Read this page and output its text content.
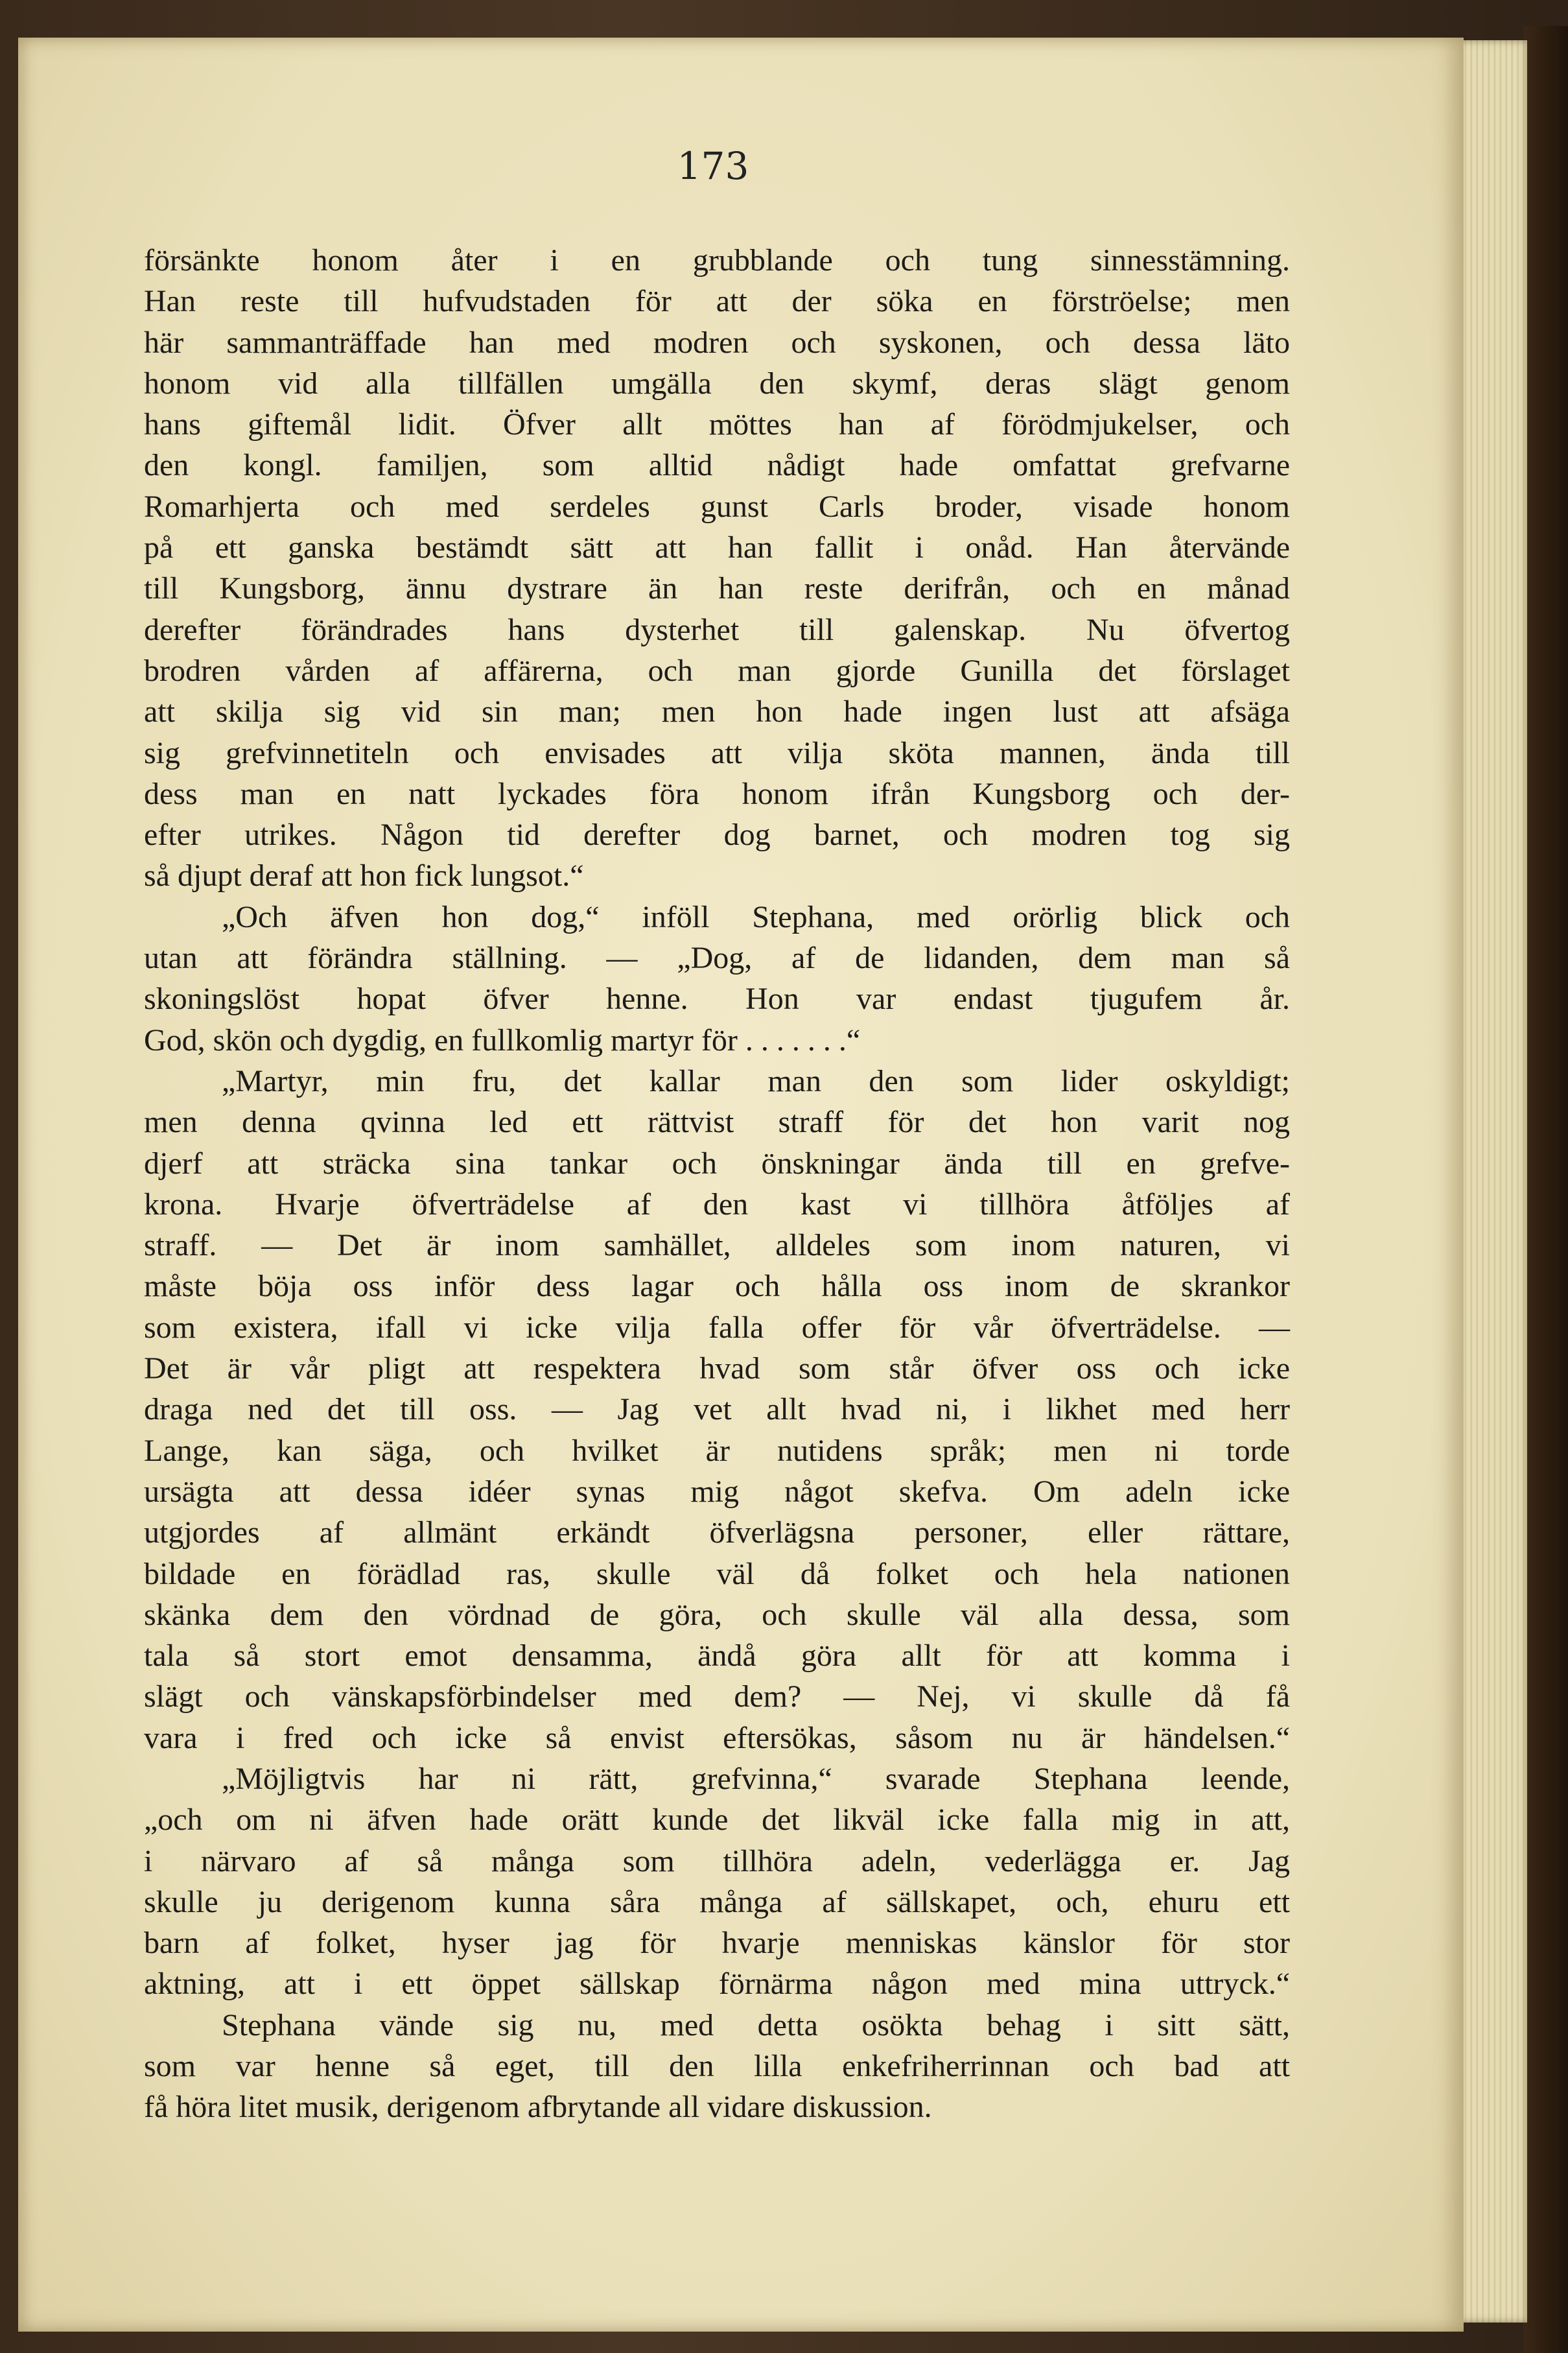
173
försänkte honom åter i en grubblande och tung sinnesstämning.
Han reste till hufvudstaden för att der söka en förströelse; men
här sammanträffade han med modren och syskonen, och dessa läto
honom vid alla tillfällen umgälla den skymf, deras slägt genom
hans giftemål lidit. Öfver allt möttes han af förödmjukelser, och
den kongl. familjen, som alltid nådigt hade omfattat grefvarne
Romarhjerta och med serdeles gunst Carls broder, visade honom
på ett ganska bestämdt sätt att han fallit i onåd. Han återvände
till Kungsborg, ännu dystrare än han reste derifrån, och en månad
derefter förändrades hans dysterhet till galenskap. Nu öfvertog
brodren vården af affärerna, och man gjorde Gunilla det förslaget
att skilja sig vid sin man; men hon hade ingen lust att afsäga
sig grefvinnetiteln och envisades att vilja sköta mannen, ända till
dess man en natt lyckades föra honom ifrån Kungsborg och der-
efter utrikes. Någon tid derefter dog barnet, och modren tog sig
så djupt deraf att hon fick lungsot.“
„Och äfven hon dog,“ inföll Stephana, med orörlig blick och
utan att förändra ställning. — „Dog, af de lidanden, dem man så
skoningslöst hopat öfver henne. Hon var endast tjugufem år.
God, skön och dygdig, en fullkomlig martyr för . . . . . . .“
„Martyr, min fru, det kallar man den som lider oskyldigt;
men denna qvinna led ett rättvist straff för det hon varit nog
djerf att sträcka sina tankar och önskningar ända till en grefve-
krona. Hvarje öfverträdelse af den kast vi tillhöra åtföljes af
straff. — Det är inom samhället, alldeles som inom naturen, vi
måste böja oss inför dess lagar och hålla oss inom de skrankor
som existera, ifall vi icke vilja falla offer för vår öfverträdelse. —
Det är vår pligt att respektera hvad som står öfver oss och icke
draga ned det till oss. — Jag vet allt hvad ni, i likhet med herr
Lange, kan säga, och hvilket är nutidens språk; men ni torde
ursägta att dessa idéer synas mig något skefva. Om adeln icke
utgjordes af allmänt erkändt öfverlägsna personer, eller rättare,
bildade en förädlad ras, skulle väl då folket och hela nationen
skänka dem den vördnad de göra, och skulle väl alla dessa, som
tala så stort emot densamma, ändå göra allt för att komma i
slägt och vänskapsförbindelser med dem? — Nej, vi skulle då få
vara i fred och icke så envist eftersökas, såsom nu är händelsen.“
„Möjligtvis har ni rätt, grefvinna,“ svarade Stephana leende,
„och om ni äfven hade orätt kunde det likväl icke falla mig in att,
i närvaro af så många som tillhöra adeln, vederlägga er. Jag
skulle ju derigenom kunna såra många af sällskapet, och, ehuru ett
barn af folket, hyser jag för hvarje menniskas känslor för stor
aktning, att i ett öppet sällskap förnärma någon med mina uttryck.“
Stephana vände sig nu, med detta osökta behag i sitt sätt,
som var henne så eget, till den lilla enkefriherrinnan och bad att
få höra litet musik, derigenom afbrytande all vidare diskussion.
